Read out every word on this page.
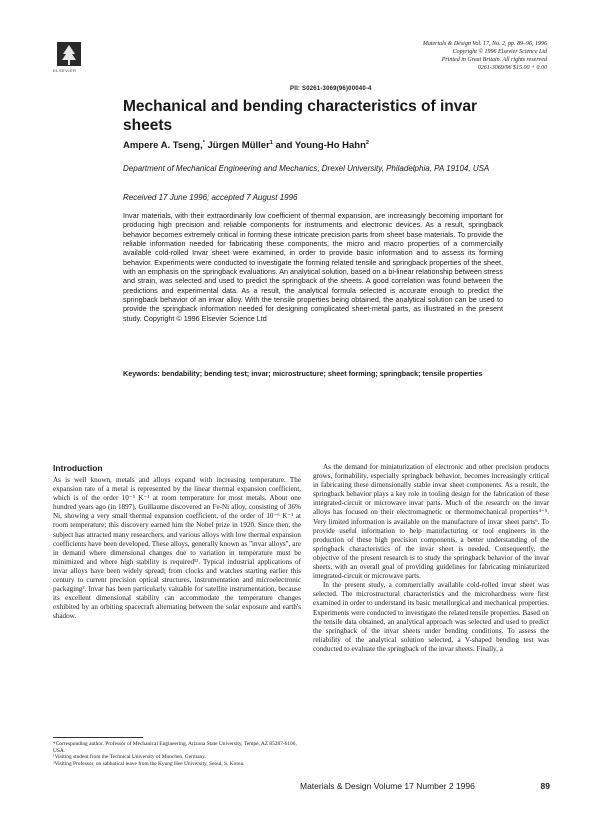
ELSEVIER
Materials & Design Vol. 17, No. 2, pp. 89–96, 1996
Copyright © 1996 Elsevier Science Ltd
Printed in Great Britain. All rights reserved
0261-3069/96 $15.00 + 0.00
PII: S0261-3069(96)00040-4
Mechanical and bending characteristics of invar sheets
Ampere A. Tseng,* Jürgen Müller$^1$ and Young-Ho Hahn$^2$
Department of Mechanical Engineering and Mechanics, Drexel University, Philadelphia, PA 19104, USA
Received 17 June 1996; accepted 7 August 1996

Invar materials, with their extraordinarily low coefficient of thermal expansion, are increasingly becoming important for producing high precision and reliable components for instruments and electronic devices. As a result, springback behavior becomes extremely critical in forming these intricate precision parts from sheet base materials. To provide the reliable information needed for fabricating these components, the micro and macro properties of a commercially available cold-rolled Invar sheet were examined, in order to provide basic information and to assess its forming behavior. Experiments were conducted to investigate the forming related tensile and springback properties of the sheet, with an emphasis on the springback evaluations. An analytical solution, based on a bi-linear relationship between stress and strain, was selected and used to predict the springback of the sheets. A good correlation was found between the predictions and experimental data. As a result, the analytical formula selected is accurate enough to predict the springback behavior of an invar alloy. With the tensile properties being obtained, the analytical solution can be used to provide the springback information needed for designing complicated sheet-metal parts, as illustrated in the present study. Copyright © 1996 Elsevier Science Ltd

Keywords: bendability; bending test; invar; microstructure; sheet forming; springback; tensile properties
Introduction

As is well known, metals and alloys expand with increasing temperature. The expansion rate of a metal is represented by the linear thermal expansion coefficient, which is of the order 10⁻⁵ K⁻¹ at room temperature for most metals. About one hundred years ago (in 1897), Guillaume discovered an Fe-Ni alloy, consisting of 36% Ni, showing a very small thermal expansion coefficient, of the order of 10⁻⁶ K⁻¹ at room temperature; this discovery earned him the Nobel prize in 1920. Since then, the subject has attracted many researchers, and various alloys with low thermal expansion coefficients have been developed. These alloys, generally known as "invar alloys", are in demand where dimensional changes due to variation in temperature must be minimized and where high stability is required¹². Typical industrial applications of invar alloys have been widely spread; from clocks and watches starting earlier this century to current precision optical structures, instrumentation and microelectronic packaging³. Invar has been particularly valuable for satellite instrumentation, because its excellent dimensional stability can accommodate the temperature changes exhibited by an orbiting spacecraft alternating between the solar exposure and earth's shadow.

As the demand for miniaturization of electronic and other precision products grows, formability, especially springback behavior, becomes increasingly critical in fabricating these dimensionally stable invar sheet components. As a result, the springback behavior plays a key role in tooling design for the fabrication of these integrated-circuit or microwave invar parts. Much of the research on the invar alloys has focused on their electromagnetic or thermomechanical properties⁴⁻⁵. Very limited information is available on the manufacture of invar sheet parts⁶. To provide useful information to help manufacturing or tool engineers in the production of these high precision components, a better understanding of the springback characteristics of the invar sheet is needed. Consequently, the objective of the present research is to study the springback behavior of the invar sheets, with an overall goal of providing guidelines for fabricating miniaturized integrated-circuit or microwave parts.

In the present study, a commercially available cold-rolled invar sheet was selected. The microstructural characteristics and the microhardness were first examined in order to understand its basic metallurgical and mechanical properties. Experiments were conducted to investigate the related tensile properties. Based on the tensile data obtained, an analytical approach was selected and used to predict the springback of the invar sheets under bending conditions. To assess the reliability of the analytical solution selected, a V-shaped bending test was conducted to evaluate the springback of the invar sheets. Finally, a

*Corresponding author. Professor of Mechanical Engineering, Arizona State University, Tempe, AZ 85287-6106, USA.
¹Visiting student from the Technical University of Munchen, Germany.
²Visiting Professor, on sabbatical leave from the Kyung Hee University, Seoul, S. Korea.
Materials & Design Volume 17 Number 2 1996	89
